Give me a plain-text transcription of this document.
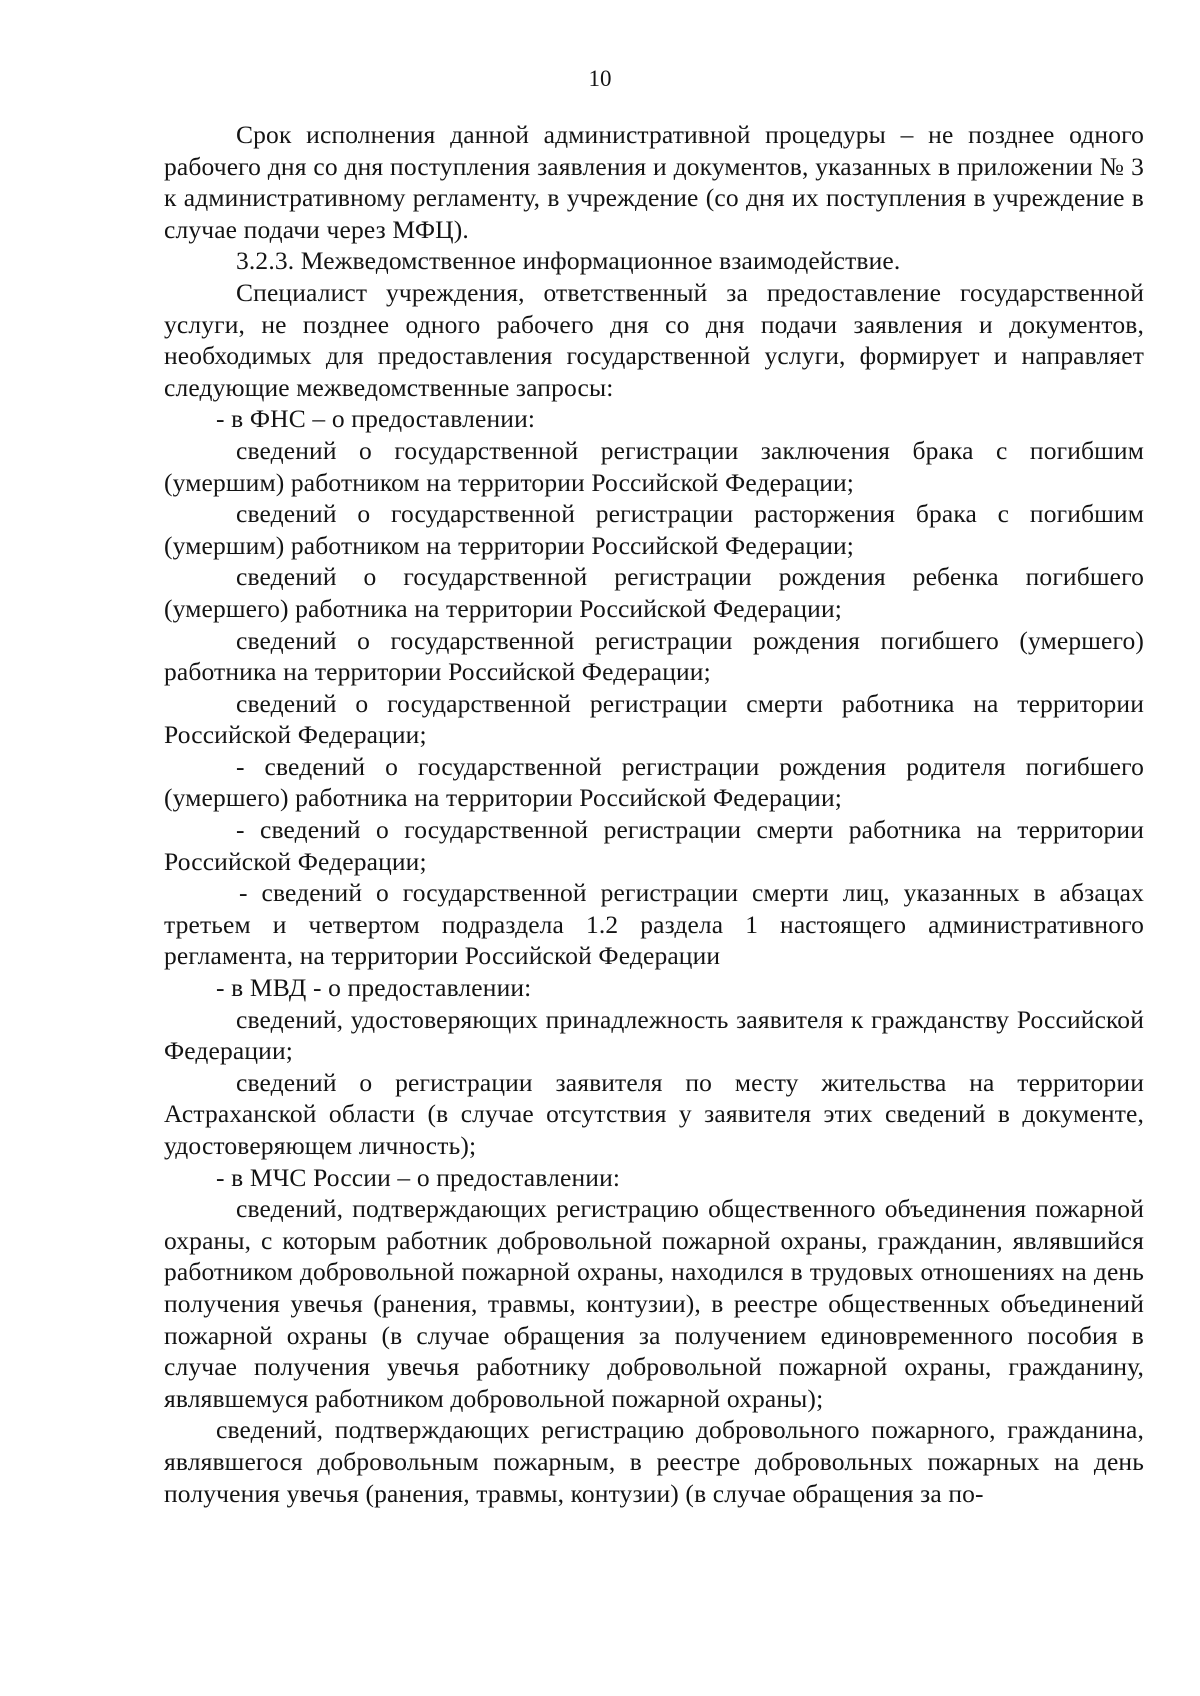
10

Срок исполнения данной административной процедуры – не позднее одного рабочего дня со дня поступления заявления и документов, указанных в приложении № 3 к административному регламенту, в учреждение (со дня их поступления в учреждение в случае подачи через МФЦ).

3.2.3. Межведомственное информационное взаимодействие.

Специалист учреждения, ответственный за предоставление государственной услуги, не позднее одного рабочего дня со дня подачи заявления и документов, необходимых для предоставления государственной услуги, формирует и направляет следующие межведомственные запросы:

- в ФНС – о предоставлении:

сведений о государственной регистрации заключения брака с погибшим (умершим) работником на территории Российской Федерации;

сведений о государственной регистрации расторжения брака с погибшим (умершим) работником на территории Российской Федерации;

сведений о государственной регистрации рождения ребенка погибшего (умершего) работника на территории Российской Федерации;

сведений о государственной регистрации рождения погибшего (умершего) работника на территории Российской Федерации;

сведений о государственной регистрации смерти работника на территории Российской Федерации;

- сведений о государственной регистрации рождения родителя погибшего (умершего) работника на территории Российской Федерации;

- сведений о государственной регистрации смерти работника на территории Российской Федерации;

- сведений о государственной регистрации смерти лиц, указанных в абзацах третьем и четвертом подраздела 1.2 раздела 1 настоящего административного регламента, на территории Российской Федерации

- в МВД - о предоставлении:

сведений, удостоверяющих принадлежность заявителя к гражданству Российской Федерации;

сведений о регистрации заявителя по месту жительства на территории Астраханской области (в случае отсутствия у заявителя этих сведений в документе, удостоверяющем личность);

- в МЧС России – о предоставлении:

сведений, подтверждающих регистрацию общественного объединения пожарной охраны, с которым работник добровольной пожарной охраны, гражданин, являвшийся работником добровольной пожарной охраны, находился в трудовых отношениях на день получения увечья (ранения, травмы, контузии), в реестре общественных объединений пожарной охраны (в случае обращения за получением единовременного пособия в случае получения увечья работнику добровольной пожарной охраны, гражданину, являвшемуся работником добровольной пожарной охраны);

сведений, подтверждающих регистрацию добровольного пожарного, гражданина, являвшегося добровольным пожарным, в реестре добровольных пожарных на день получения увечья (ранения, травмы, контузии) (в случае обращения за по-
